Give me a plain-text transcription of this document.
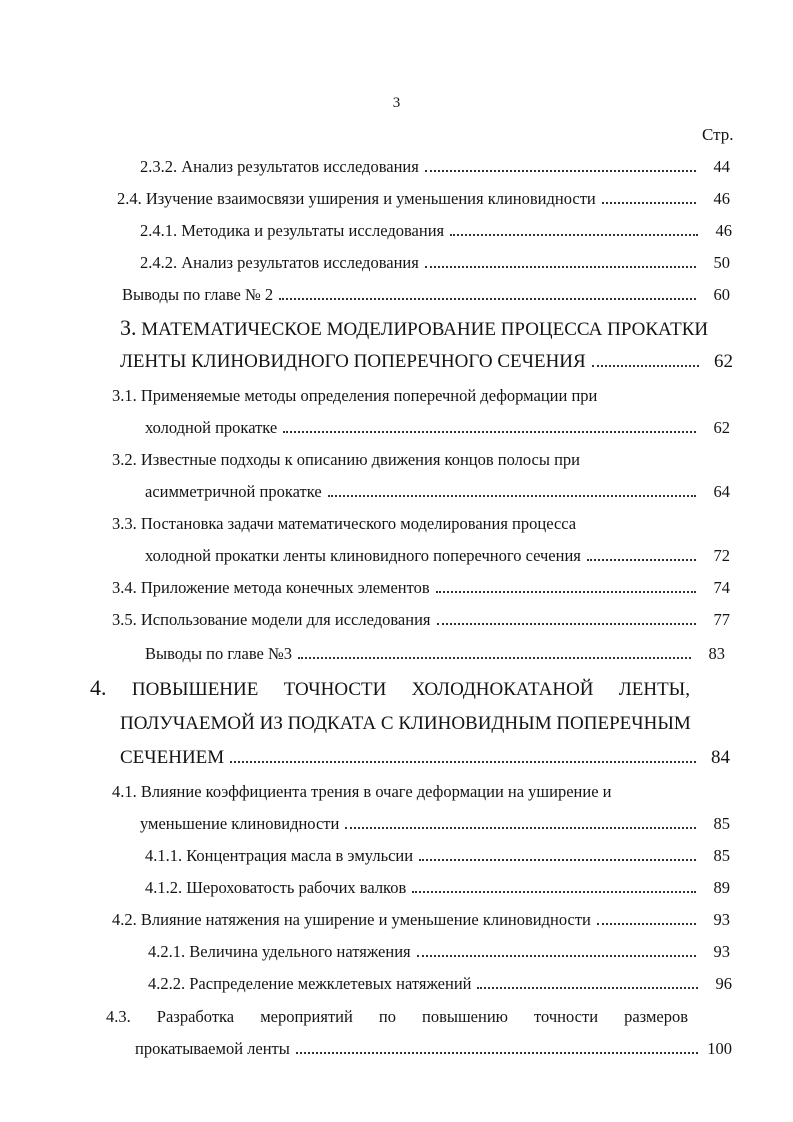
3
Стр.
2.3.2. Анализ результатов исследования	44
2.4. Изучение взаимосвязи уширения и уменьшения клиновидности	46
2.4.1. Методика и результаты исследования	46
2.4.2. Анализ результатов исследования	50
Выводы по главе № 2	60
3. МАТЕМАТИЧЕСКОЕ МОДЕЛИРОВАНИЕ ПРОЦЕССА ПРОКАТКИ
ЛЕНТЫ КЛИНОВИДНОГО ПОПЕРЕЧНОГО СЕЧЕНИЯ	62
3.1. Применяемые методы определения поперечной деформации при
холодной прокатке	62
3.2. Известные подходы к описанию движения концов полосы при
асимметричной прокатке	64
3.3. Постановка задачи математического моделирования процесса
холодной прокатки ленты клиновидного поперечного сечения	72
3.4. Приложение метода конечных элементов	74
3.5. Использование модели для исследования	77
Выводы по главе №3	83
4. ПОВЫШЕНИЕ ТОЧНОСТИ ХОЛОДНОКАТАНОЙ ЛЕНТЫ,
ПОЛУЧАЕМОЙ ИЗ ПОДКАТА С КЛИНОВИДНЫМ ПОПЕРЕЧНЫМ
СЕЧЕНИЕМ	84
4.1. Влияние коэффициента трения в очаге деформации на уширение и
уменьшение клиновидности	85
4.1.1. Концентрация масла в эмульсии	85
4.1.2. Шероховатость рабочих валков	89
4.2. Влияние натяжения на уширение и уменьшение клиновидности	93
4.2.1. Величина удельного натяжения	93
4.2.2. Распределение межклетевых натяжений	96
4.3. Разработка мероприятий по повышению точности размеров
прокатываемой ленты	100
